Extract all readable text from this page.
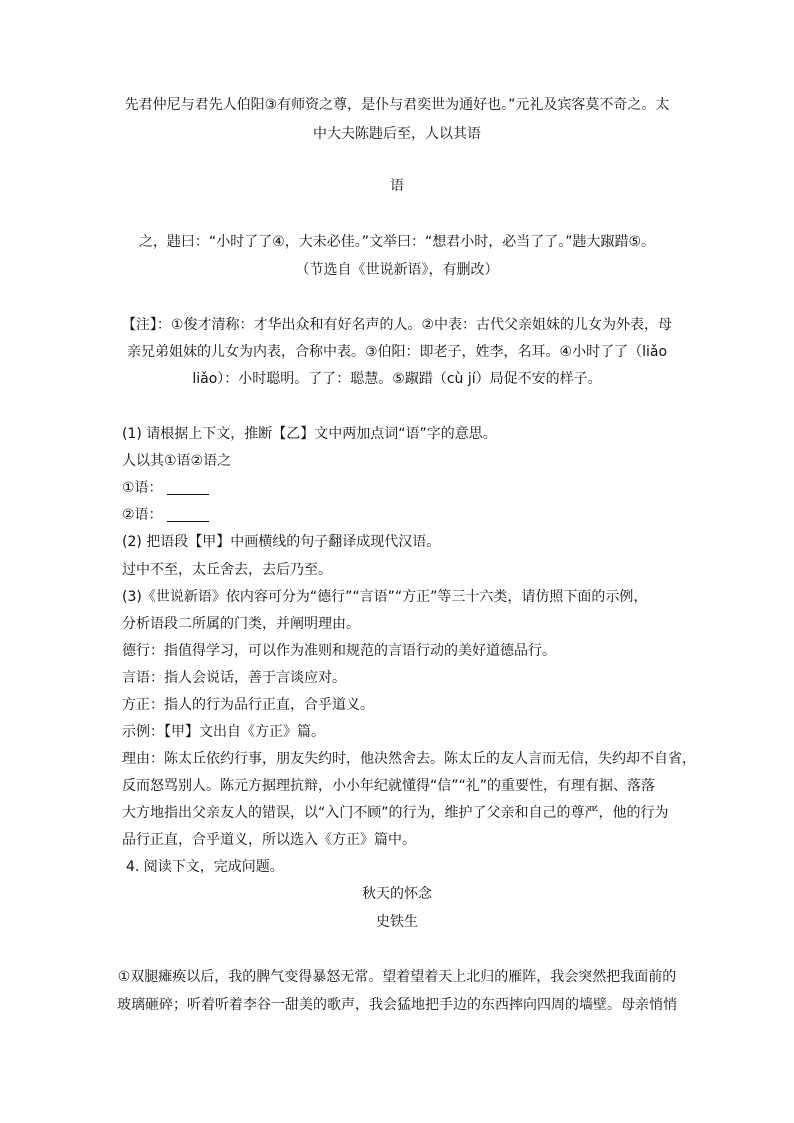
先君仲尼与君先人伯阳③有师资之尊，是仆与君奕世为通好也。”元礼及宾客莫不奇之。太
中大夫陈韪后至，人以其语
语
之，韪曰：“小时了了④，大未必佳。”文举曰：“想君小时，必当了了。”韪大踧踖⑤。
（节选自《世说新语》，有删改）
【注】：①俊才清称：才华出众和有好名声的人。②中表：古代父亲姐妹的儿女为外表，母
亲兄弟姐妹的儿女为内表，合称中表。③伯阳：即老子，姓李，名耳。④小时了了（liǎo
liǎo）：小时聪明。了了：聪慧。⑤踧踖（cù jí）局促不安的样子。
(1) 请根据上下文，推断【乙】文中两加点词“语”字的意思。
人以其①语②语之
①语：
②语：
(2) 把语段【甲】中画横线的句子翻译成现代汉语。
过中不至，太丘舍去，去后乃至。
(3)《世说新语》依内容可分为“德行”“言语”“方正”等三十六类，请仿照下面的示例，
分析语段二所属的门类，并阐明理由。
德行：指值得学习，可以作为准则和规范的言语行动的美好道德品行。
言语：指人会说话，善于言谈应对。
方正：指人的行为品行正直，合乎道义。
示例：【甲】文出自《方正》篇。
理由：陈太丘依约行事，朋友失约时，他决然舍去。陈太丘的友人言而无信，失约却不自省，
反而怒骂别人。陈元方据理抗辩，小小年纪就懂得“信”“礼”的重要性，有理有据、落落
大方地指出父亲友人的错误，以“入门不顾”的行为，维护了父亲和自己的尊严，他的行为
品行正直，合乎道义，所以选入《方正》篇中。
4. 阅读下文，完成问题。
秋天的怀念
史铁生
①双腿瘫痪以后，我的脾气变得暴怒无常。望着望着天上北归的雁阵，我会突然把我面前的
玻璃砸碎；听着听着李谷一甜美的歌声，我会猛地把手边的东西摔向四周的墙壁。母亲悄悄
